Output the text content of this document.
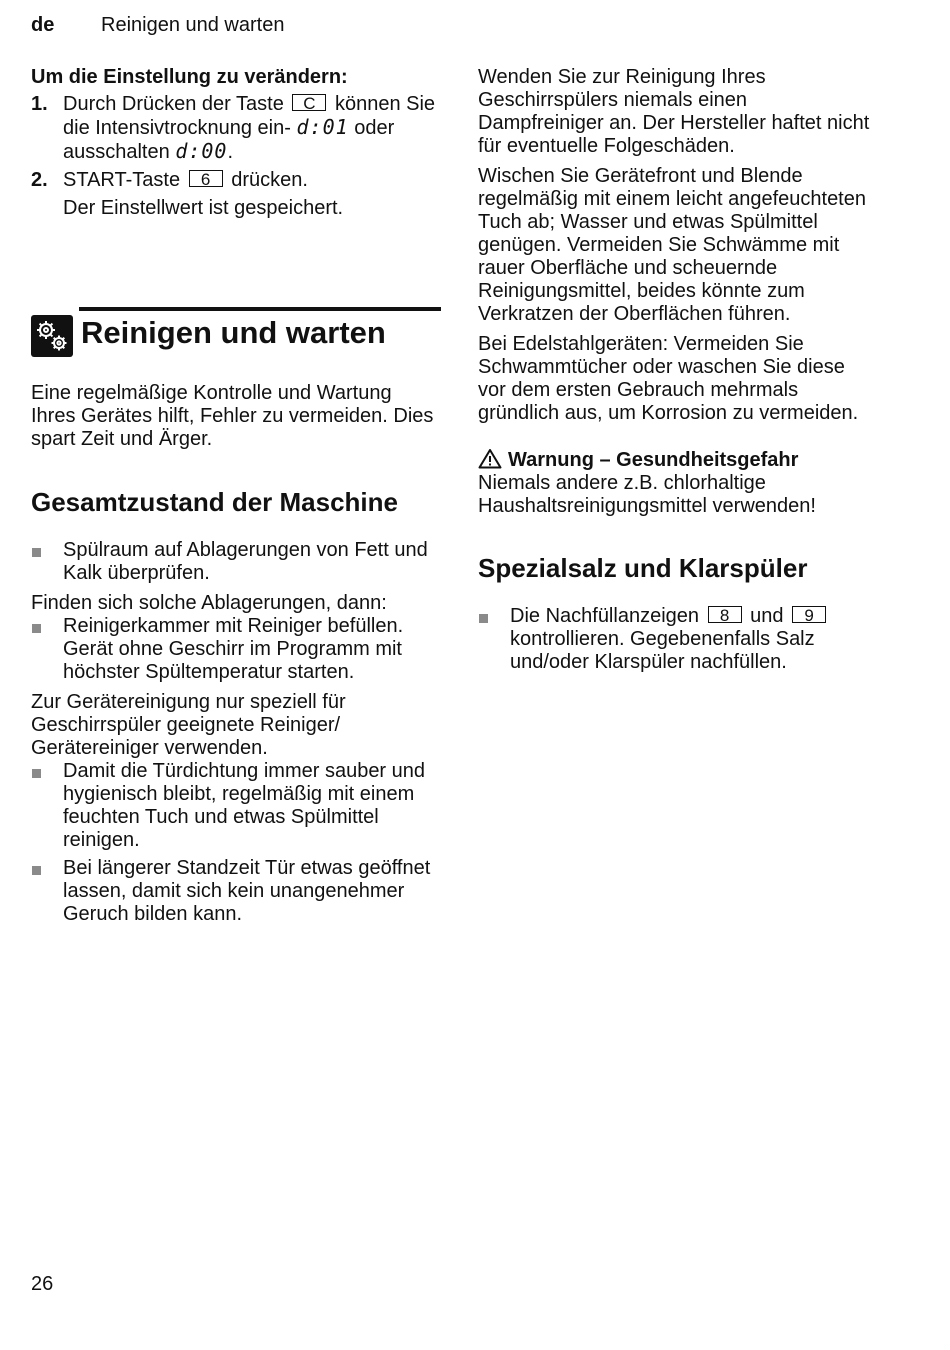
de Reinigen und warten

Um die Einstellung zu verändern:

1. Durch Drücken der Taste C können Sie die Intensivtrocknung ein- d:01 oder ausschalten d:00.
2. START-Taste 6 drücken.
Der Einstellwert ist gespeichert.
Reinigen und warten

Eine regelmäßige Kontrolle und Wartung Ihres Gerätes hilft, Fehler zu vermeiden. Dies spart Zeit und Ärger.

Gesamtzustand der Maschine
Spülraum auf Ablagerungen von Fett und Kalk überprüfen.

Finden sich solche Ablagerungen, dann:

Reinigerkammer mit Reiniger befüllen. Gerät ohne Geschirr im Programm mit höchster Spültemperatur starten.

Zur Gerätereinigung nur speziell für Geschirrspüler geeignete Reiniger/ Gerätereiniger verwenden.

Damit die Türdichtung immer sauber und hygienisch bleibt, regelmäßig mit einem feuchten Tuch und etwas Spülmittel reinigen.
Bei längerer Standzeit Tür etwas geöffnet lassen, damit sich kein unangenehmer Geruch bilden kann.

Wenden Sie zur Reinigung Ihres Geschirrspülers niemals einen Dampfreiniger an. Der Hersteller haftet nicht für eventuelle Folgeschäden.

Wischen Sie Gerätefront und Blende regelmäßig mit einem leicht angefeuchteten Tuch ab; Wasser und etwas Spülmittel genügen. Vermeiden Sie Schwämme mit rauer Oberfläche und scheuernde Reinigungsmittel, beides könnte zum Verkratzen der Oberflächen führen.

Bei Edelstahlgeräten: Vermeiden Sie Schwammtücher oder waschen Sie diese vor dem ersten Gebrauch mehrmals gründlich aus, um Korrosion zu vermeiden.

Warnung – Gesundheitsgefahr

Niemals andere z.B. chlorhaltige Haushaltsreinigungsmittel verwenden!

Spezialsalz und Klarspüler
Die Nachfüllanzeigen 8 und 9 kontrollieren. Gegebenenfalls Salz und/oder Klarspüler nachfüllen.
26
